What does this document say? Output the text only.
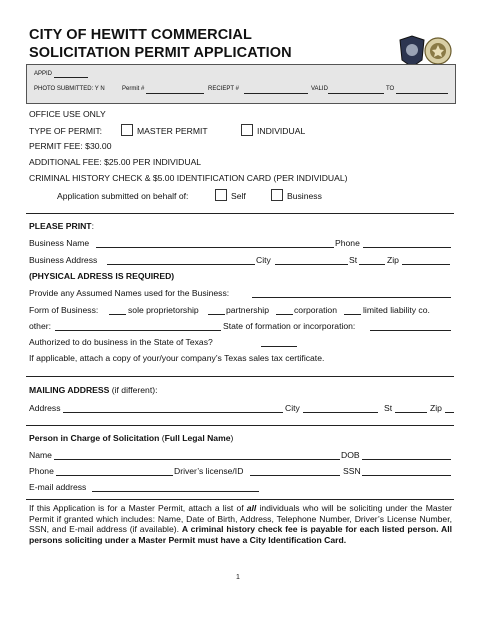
CITY OF HEWITT COMMERCIAL
SOLICITATION PERMIT APPLICATION
APPID
PHOTO SUBMITTED: Y N	Permit #	RECIEPT #	VALID	TO
OFFICE USE ONLY
TYPE OF PERMIT:	MASTER PERMIT	INDIVIDUAL
PERMIT FEE: $30.00
ADDITIONAL FEE: $25.00 PER INDIVIDUAL
CRIMINAL HISTORY CHECK & $5.00 IDENTIFICATION CARD (PER INDIVIDUAL)
Application submitted on behalf of:	Self	Business
PLEASE PRINT:
Business Name	Phone
Business Address	City	St	Zip
(PHYSICAL ADRESS IS REQUIRED)
Provide any Assumed Names used for the Business:
Form of Business:	sole proprietorship	partnership	corporation	limited liability co.
other:	State of formation or incorporation:
Authorized to do business in the State of Texas?
If applicable, attach a copy of your/your company’s Texas sales tax certificate.
MAILING ADDRESS (if different):
Address	City	St	Zip
Person in Charge of Solicitation (Full Legal Name)
Name	DOB
Phone	Driver’s license/ID	SSN
E-mail address
If this Application is for a Master Permit, attach a list of all individuals who will be soliciting under the Master Permit if granted which includes: Name, Date of Birth, Address, Telephone Number, Driver’s License Number, SSN, and E-mail address (if available). A criminal history check fee is payable for each listed person. All persons soliciting under a Master Permit must have a City Identification Card.
1
